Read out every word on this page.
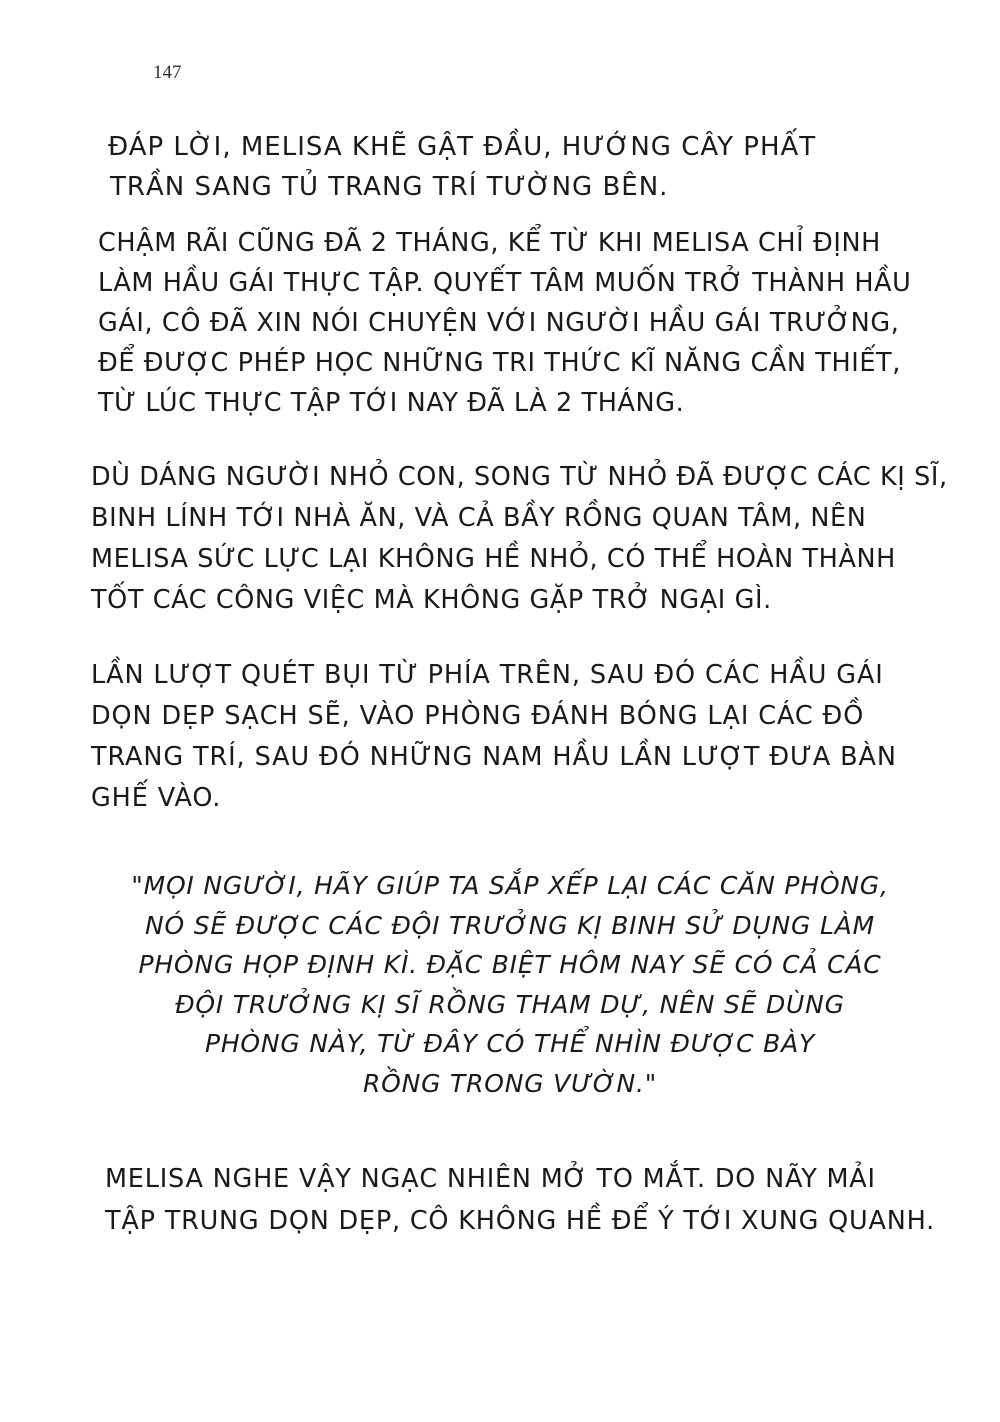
147
ĐÁP LỜI, MELISA KHẼ GẬT ĐẦU, HƯỚNG CÂY PHẤT
TRẦN SANG TỦ TRANG TRÍ TƯỜNG BÊN.
CHẬM RÃI CŨNG ĐÃ 2 THÁNG, KỂ TỪ KHI MELISA CHỈ ĐỊNH
LÀM HẦU GÁI THỰC TẬP. QUYẾT TÂM MUỐN TRỞ THÀNH HẦU
GÁI, CÔ ĐÃ XIN NÓI CHUYỆN VỚI NGƯỜI HẦU GÁI TRƯỞNG,
ĐỂ ĐƯỢC PHÉP HỌC NHỮNG TRI THỨC KĨ NĂNG CẦN THIẾT,
TỪ LÚC THỰC TẬP TỚI NAY ĐÃ LÀ 2 THÁNG.
DÙ DÁNG NGƯỜI NHỎ CON, SONG TỪ NHỎ ĐÃ ĐƯỢC CÁC KỊ SĨ,
BINH LÍNH TỚI NHÀ ĂN, VÀ CẢ BẦY RỒNG QUAN TÂM, NÊN
MELISA SỨC LỰC LẠI KHÔNG HỀ NHỎ, CÓ THỂ HOÀN THÀNH
TỐT CÁC CÔNG VIỆC MÀ KHÔNG GẶP TRỞ NGẠI GÌ.
LẦN LƯỢT QUÉT BỤI TỪ PHÍA TRÊN, SAU ĐÓ CÁC HẦU GÁI
DỌN DẸP SẠCH SẼ, VÀO PHÒNG ĐÁNH BÓNG LẠI CÁC ĐỒ
TRANG TRÍ, SAU ĐÓ NHỮNG NAM HẦU LẦN LƯỢT ĐƯA BÀN
GHẾ VÀO.
"MỌI NGƯỜI, HÃY GIÚP TA SẮP XẾP LẠI CÁC CĂN PHÒNG,
NÓ SẼ ĐƯỢC CÁC ĐỘI TRƯỞNG KỊ BINH SỬ DỤNG LÀM
PHÒNG HỌP ĐỊNH KÌ. ĐẶC BIỆT HÔM NAY SẼ CÓ CẢ CÁC
ĐỘI TRƯỞNG KỊ SĨ RỒNG THAM DỰ, NÊN SẼ DÙNG
PHÒNG NÀY, TỪ ĐÂY CÓ THỂ NHÌN ĐƯỢC BÀY
RỒNG TRONG VƯỜN."
MELISA NGHE VẬY NGẠC NHIÊN MỞ TO MẮT. DO NÃY MẢI
TẬP TRUNG DỌN DẸP, CÔ KHÔNG HỀ ĐỂ Ý TỚI XUNG QUANH.
